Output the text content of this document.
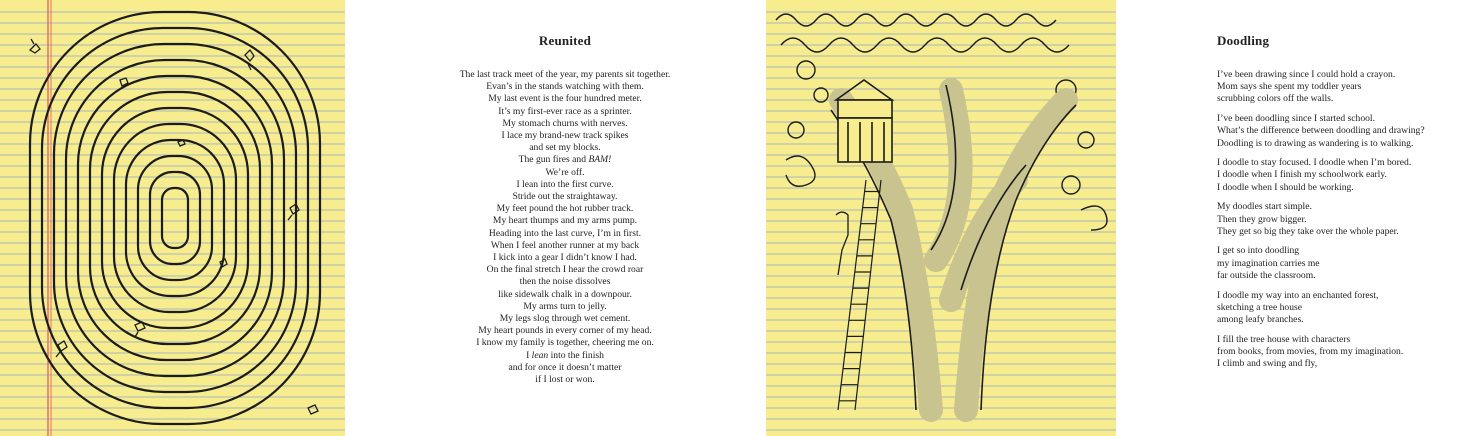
Reunited
The last track meet of the year, my parents sit together.
Evan’s in the stands watching with them.
My last event is the four hundred meter.
It’s my first-ever race as a sprinter.
My stomach churns with nerves.
I lace my brand-new track spikes
and set my blocks.
The gun fires and BAM!
We’re off.
I lean into the first curve.
Stride out the straightaway.
My feet pound the hot rubber track.
My heart thumps and my arms pump.
Heading into the last curve, I’m in first.
When I feel another runner at my back
I kick into a gear I didn’t know I had.
On the final stretch I hear the crowd roar
then the noise dissolves
like sidewalk chalk in a downpour.
My arms turn to jelly.
My legs slog through wet cement.
My heart pounds in every corner of my head.
I know my family is together, cheering me on.
I lean into the finish
and for once it doesn’t matter
if I lost or won.
Doodling
I’ve been drawing since I could hold a crayon.
Mom says she spent my toddler years
scrubbing colors off the walls.
I’ve been doodling since I started school.
What’s the difference between doodling and drawing?
Doodling is to drawing as wandering is to walking.
I doodle to stay focused. I doodle when I’m bored.
I doodle when I finish my schoolwork early.
I doodle when I should be working.
My doodles start simple.
Then they grow bigger.
They get so big they take over the whole paper.
I get so into doodling
my imagination carries me
far outside the classroom.
I doodle my way into an enchanted forest,
sketching a tree house
among leafy branches.
I fill the tree house with characters
from books, from movies, from my imagination.
I climb and swing and fly,
